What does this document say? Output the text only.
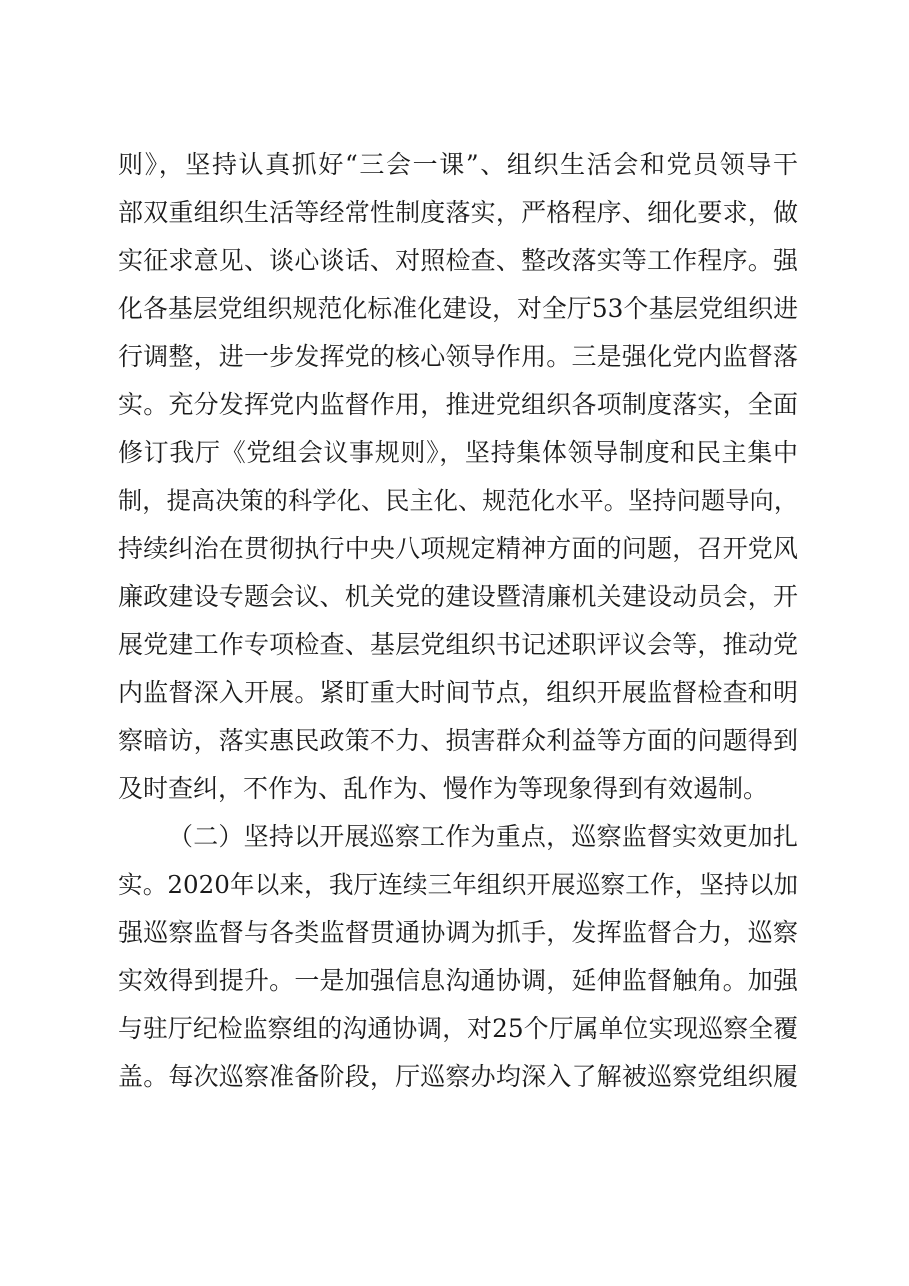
则》，坚持认真抓好“三会一课”、组织生活会和党员领导干
部双重组织生活等经常性制度落实，严格程序、细化要求，做
实征求意见、谈心谈话、对照检查、整改落实等工作程序。强
化各基层党组织规范化标准化建设，对全厅53个基层党组织进
行调整，进一步发挥党的核心领导作用。三是强化党内监督落
实。充分发挥党内监督作用，推进党组织各项制度落实，全面
修订我厅《党组会议事规则》，坚持集体领导制度和民主集中
制，提高决策的科学化、民主化、规范化水平。坚持问题导向，
持续纠治在贯彻执行中央八项规定精神方面的问题，召开党风
廉政建设专题会议、机关党的建设暨清廉机关建设动员会，开
展党建工作专项检查、基层党组织书记述职评议会等，推动党
内监督深入开展。紧盯重大时间节点，组织开展监督检查和明
察暗访，落实惠民政策不力、损害群众利益等方面的问题得到
及时查纠，不作为、乱作为、慢作为等现象得到有效遏制。
（二）坚持以开展巡察工作为重点，巡察监督实效更加扎
实。2020年以来，我厅连续三年组织开展巡察工作，坚持以加
强巡察监督与各类监督贯通协调为抓手，发挥监督合力，巡察
实效得到提升。一是加强信息沟通协调，延伸监督触角。加强
与驻厅纪检监察组的沟通协调，对25个厅属单位实现巡察全覆
盖。每次巡察准备阶段，厅巡察办均深入了解被巡察党组织履
